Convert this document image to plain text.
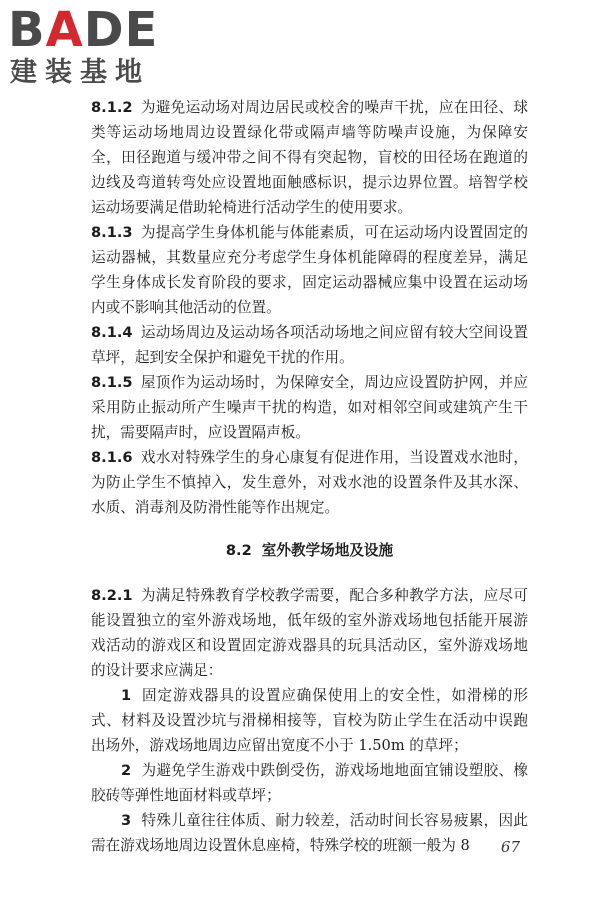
BADE
建装基地

8.1.2 为避免运动场对周边居民或校舍的噪声干扰，应在田径、球类等运动场地周边设置绿化带或隔声墙等防噪声设施，为保障安全，田径跑道与缓冲带之间不得有突起物，盲校的田径场在跑道的边线及弯道转弯处应设置地面触感标识，提示边界位置。培智学校运动场要满足借助轮椅进行活动学生的使用要求。

8.1.3 为提高学生身体机能与体能素质，可在运动场内设置固定的运动器械，其数量应充分考虑学生身体机能障碍的程度差异，满足学生身体成长发育阶段的要求，固定运动器械应集中设置在运动场内或不影响其他活动的位置。

8.1.4 运动场周边及运动场各项活动场地之间应留有较大空间设置草坪，起到安全保护和避免干扰的作用。

8.1.5 屋顶作为运动场时，为保障安全，周边应设置防护网，并应采用防止振动所产生噪声干扰的构造，如对相邻空间或建筑产生干扰，需要隔声时，应设置隔声板。

8.1.6 戏水对特殊学生的身心康复有促进作用，当设置戏水池时，为防止学生不慎掉入，发生意外，对戏水池的设置条件及其水深、水质、消毒剂及防滑性能等作出规定。

8.2 室外教学场地及设施

8.2.1 为满足特殊教育学校教学需要，配合多种教学方法，应尽可能设置独立的室外游戏场地，低年级的室外游戏场地包括能开展游戏活动的游戏区和设置固定游戏器具的玩具活动区，室外游戏场地的设计要求应满足：

1 固定游戏器具的设置应确保使用上的安全性，如滑梯的形式、材料及设置沙坑与滑梯相接等，盲校为防止学生在活动中误跑出场外，游戏场地周边应留出宽度不小于 1.50m 的草坪；

2 为避免学生游戏中跌倒受伤，游戏场地地面宜铺设塑胶、橡胶砖等弹性地面材料或草坪；

3 特殊儿童往往体质、耐力较差，活动时间长容易疲累，因此需在游戏场地周边设置休息座椅，特殊学校的班额一般为 8	67
